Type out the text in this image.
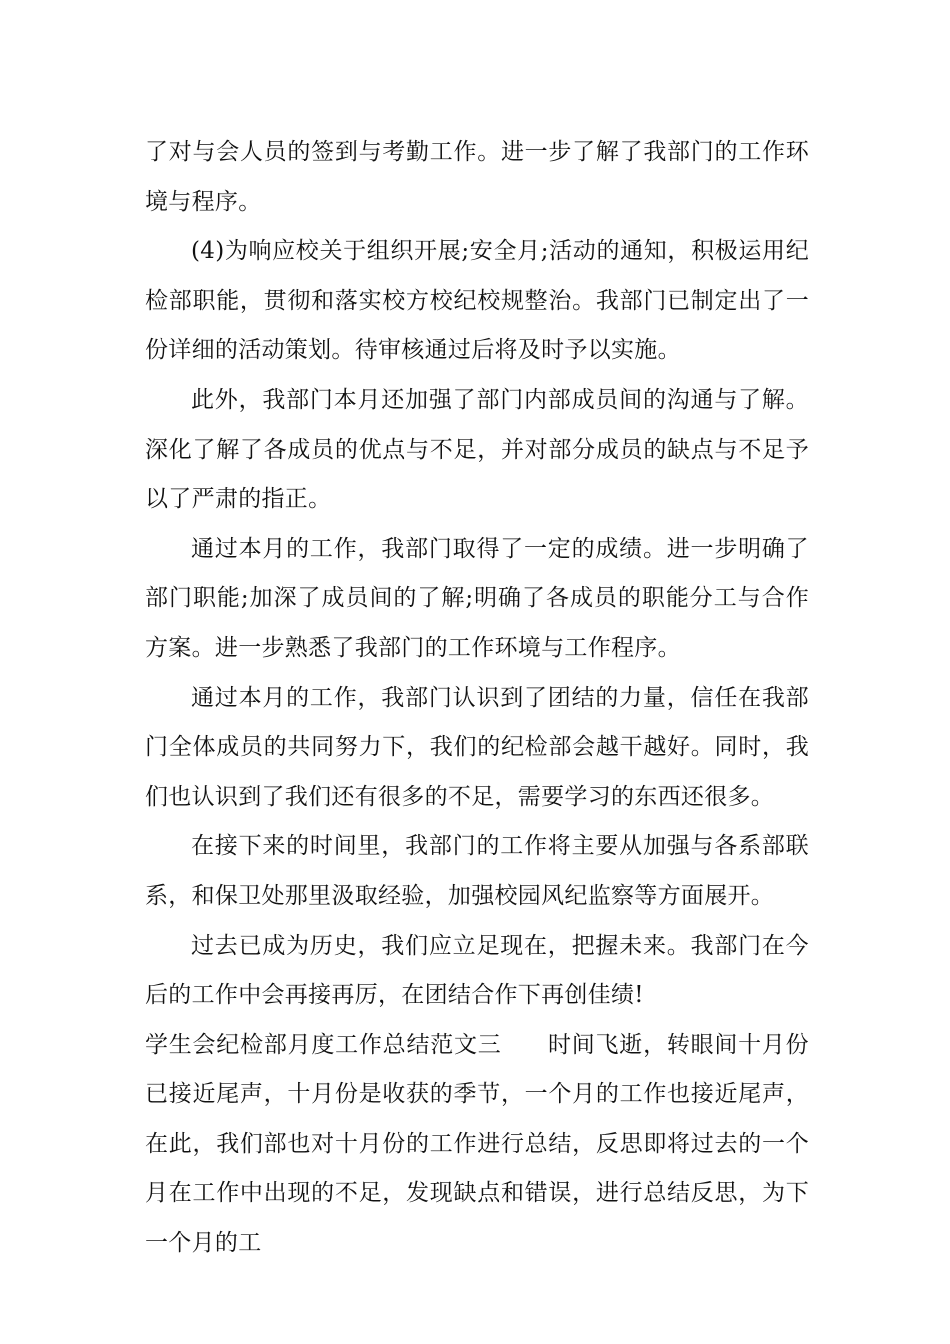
了对与会人员的签到与考勤工作。进一步了解了我部门的工作环境与程序。

(4)为响应校关于组织开展;安全月;活动的通知，积极运用纪检部职能，贯彻和落实校方校纪校规整治。我部门已制定出了一份详细的活动策划。待审核通过后将及时予以实施。

此外，我部门本月还加强了部门内部成员间的沟通与了解。深化了解了各成员的优点与不足，并对部分成员的缺点与不足予以了严肃的指正。

通过本月的工作，我部门取得了一定的成绩。进一步明确了部门职能;加深了成员间的了解;明确了各成员的职能分工与合作方案。进一步熟悉了我部门的工作环境与工作程序。

通过本月的工作，我部门认识到了团结的力量，信任在我部门全体成员的共同努力下，我们的纪检部会越干越好。同时，我们也认识到了我们还有很多的不足，需要学习的东西还很多。

在接下来的时间里，我部门的工作将主要从加强与各系部联系，和保卫处那里汲取经验，加强校园风纪监察等方面展开。

过去已成为历史，我们应立足现在，把握未来。我部门在今后的工作中会再接再厉，在团结合作下再创佳绩!

学生会纪检部月度工作总结范文三 时间飞逝，转眼间十月份已接近尾声，十月份是收获的季节，一个月的工作也接近尾声，在此，我们部也对十月份的工作进行总结，反思即将过去的一个月在工作中出现的不足，发现缺点和错误，进行总结反思，为下一个月的工
